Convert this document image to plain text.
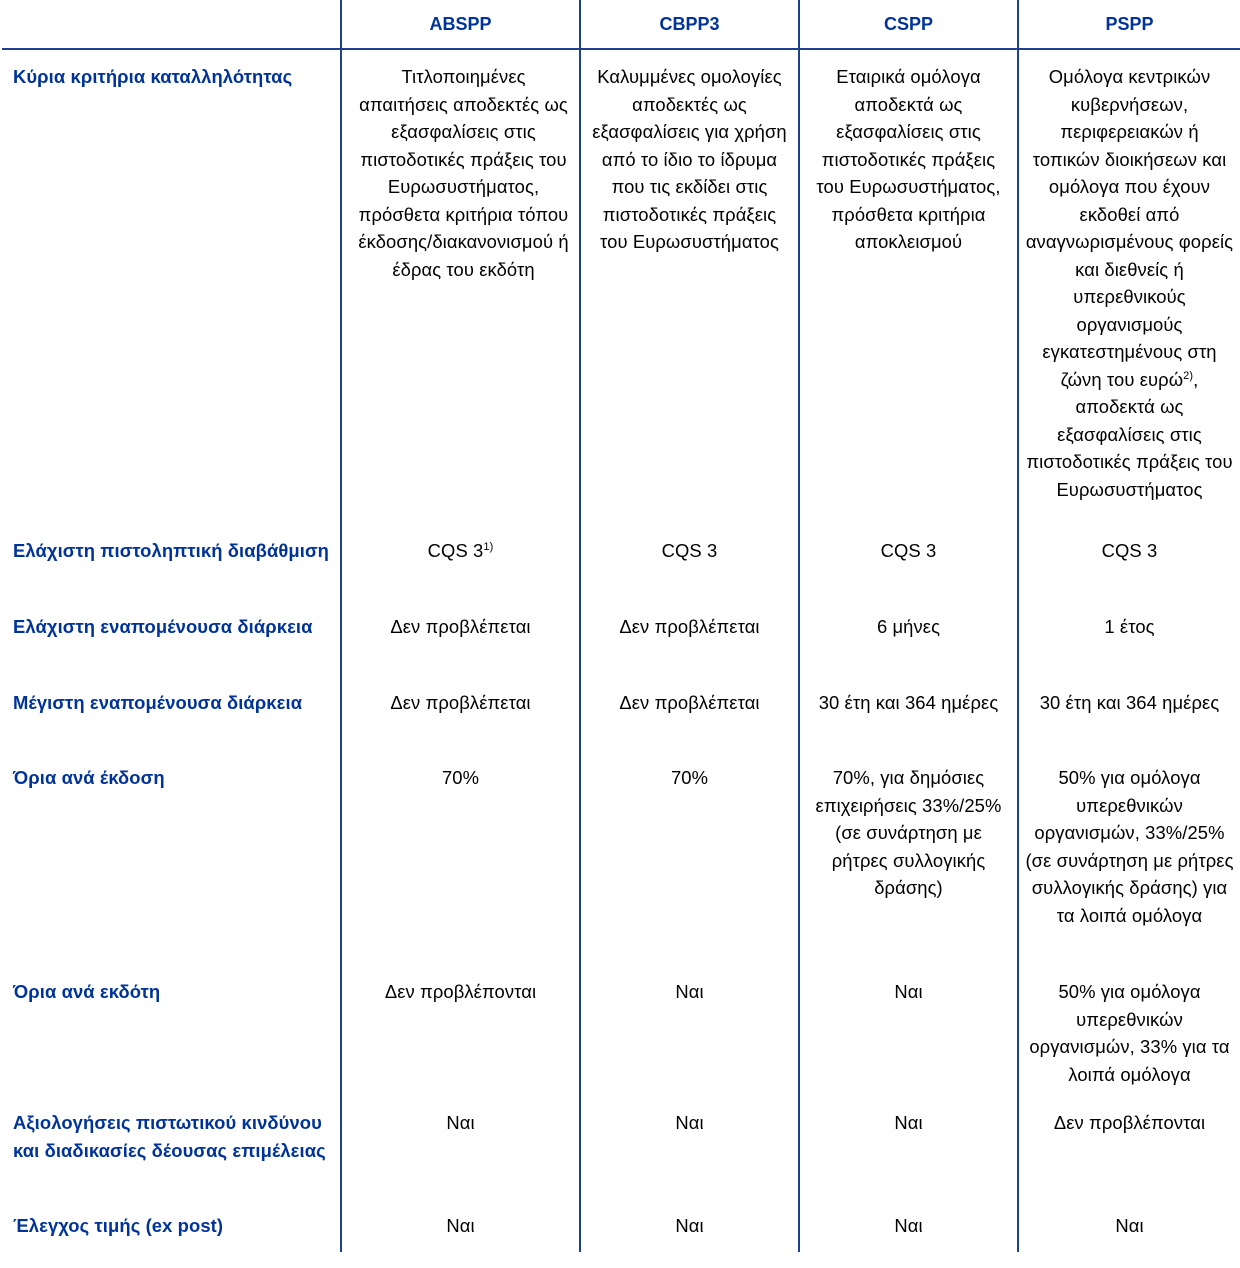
	ABSPP	CBPP3	CSPP	PSPP
Κύρια κριτήρια καταλληλότητας	Τιτλοποιημένες απαιτήσεις αποδεκτές ως εξασφαλίσεις στις πιστοδοτικές πράξεις του Ευρωσυστήματος, πρόσθετα κριτήρια τόπου έκδοσης/διακανονισμού ή έδρας του εκδότη	Καλυμμένες ομολογίες αποδεκτές ως εξασφαλίσεις για χρήση από το ίδιο το ίδρυμα που τις εκδίδει στις πιστοδοτικές πράξεις του Ευρωσυστήματος	Εταιρικά ομόλογα αποδεκτά ως εξασφαλίσεις στις πιστοδοτικές πράξεις του Ευρωσυστήματος, πρόσθετα κριτήρια αποκλεισμού	Ομόλογα κεντρικών κυβερνήσεων, περιφερειακών ή τοπικών διοικήσεων και ομόλογα που έχουν εκδοθεί από αναγνωρισμένους φορείς και διεθνείς ή υπερεθνικούς οργανισμούς εγκατεστημένους στη ζώνη του ευρώ$^{2)}$, αποδεκτά ως εξασφαλίσεις στις πιστοδοτικές πράξεις του Ευρωσυστήματος
Ελάχιστη πιστοληπτική διαβάθμιση	CQS 3$^{1)}$	CQS 3	CQS 3	CQS 3
Ελάχιστη εναπομένουσα διάρκεια	Δεν προβλέπεται	Δεν προβλέπεται	6 μήνες	1 έτος
Μέγιστη εναπομένουσα διάρκεια	Δεν προβλέπεται	Δεν προβλέπεται	30 έτη και 364 ημέρες	30 έτη και 364 ημέρες
Όρια ανά έκδοση	70%	70%	70%, για δημόσιες επιχειρήσεις 33%/25% (σε συνάρτηση με ρήτρες συλλογικής δράσης)	50% για ομόλογα υπερεθνικών οργανισμών, 33%/25% (σε συνάρτηση με ρήτρες συλλογικής δράσης) για τα λοιπά ομόλογα
Όρια ανά εκδότη	Δεν προβλέπονται	Ναι	Ναι	50% για ομόλογα υπερεθνικών οργανισμών, 33% για τα λοιπά ομόλογα
Αξιολογήσεις πιστωτικού κινδύνου και διαδικασίες δέουσας επιμέλειας	Ναι	Ναι	Ναι	Δεν προβλέπονται
Έλεγχος τιμής (ex post)	Ναι	Ναι	Ναι	Ναι
